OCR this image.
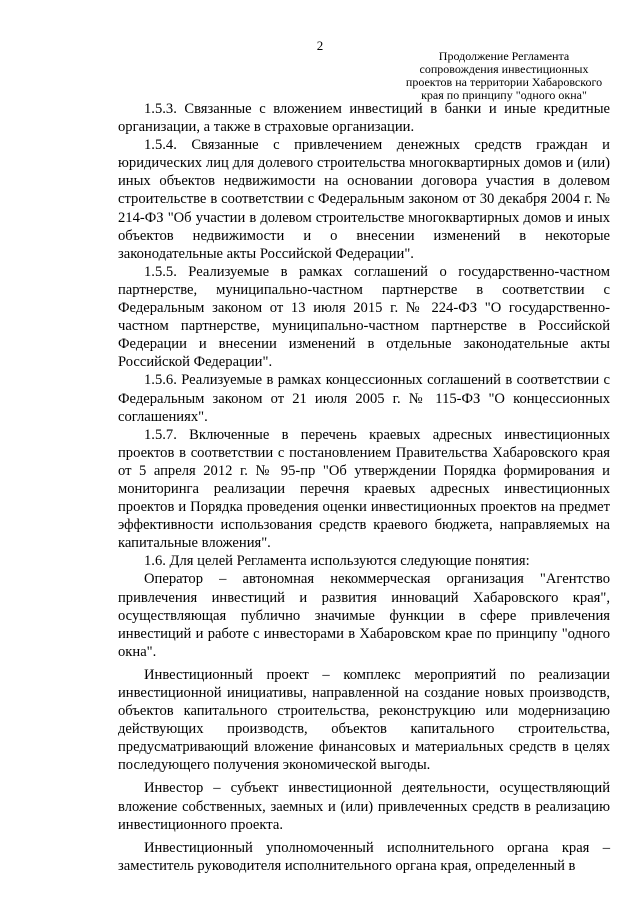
2
Продолжение Регламента
сопровождения инвестиционных
проектов на территории Хабаровского
края по принципу "одного окна"

1.5.3. Связанные с вложением инвестиций в банки и иные кредитные организации, а также в страховые организации.

1.5.4. Связанные с привлечением денежных средств граждан и юридических лиц для долевого строительства многоквартирных домов и (или) иных объектов недвижимости на основании договора участия в долевом строительстве в соответствии с Федеральным законом от 30 декабря 2004 г. № 214-ФЗ "Об участии в долевом строительстве многоквартирных домов и иных объектов недвижимости и о внесении изменений в некоторые законодательные акты Российской Федерации".

1.5.5. Реализуемые в рамках соглашений о государственно-частном партнерстве, муниципально-частном партнерстве в соответствии с Федеральным законом от 13 июля 2015 г. № 224-ФЗ "О государственно-частном партнерстве, муниципально-частном партнерстве в Российской Федерации и внесении изменений в отдельные законодательные акты Российской Федерации".

1.5.6. Реализуемые в рамках концессионных соглашений в соответствии с Федеральным законом от 21 июля 2005 г. № 115-ФЗ "О концессионных соглашениях".

1.5.7. Включенные в перечень краевых адресных инвестиционных проектов в соответствии с постановлением Правительства Хабаровского края от 5 апреля 2012 г. № 95-пр "Об утверждении Порядка формирования и мониторинга реализации перечня краевых адресных инвестиционных проектов и Порядка проведения оценки инвестиционных проектов на предмет эффективности использования средств краевого бюджета, направляемых на капитальные вложения".

1.6. Для целей Регламента используются следующие понятия:

Оператор – автономная некоммерческая организация "Агентство привлечения инвестиций и развития инноваций Хабаровского края", осуществляющая публично значимые функции в сфере привлечения инвестиций и работе с инвесторами в Хабаровском крае по принципу "одного окна".

Инвестиционный проект – комплекс мероприятий по реализации инвестиционной инициативы, направленной на создание новых производств, объектов капитального строительства, реконструкцию или модернизацию действующих производств, объектов капитального строительства, предусматривающий вложение финансовых и материальных средств в целях последующего получения экономической выгоды.

Инвестор – субъект инвестиционной деятельности, осуществляющий вложение собственных, заемных и (или) привлеченных средств в реализацию инвестиционного проекта.

Инвестиционный уполномоченный исполнительного органа края – заместитель руководителя исполнительного органа края, определенный в
